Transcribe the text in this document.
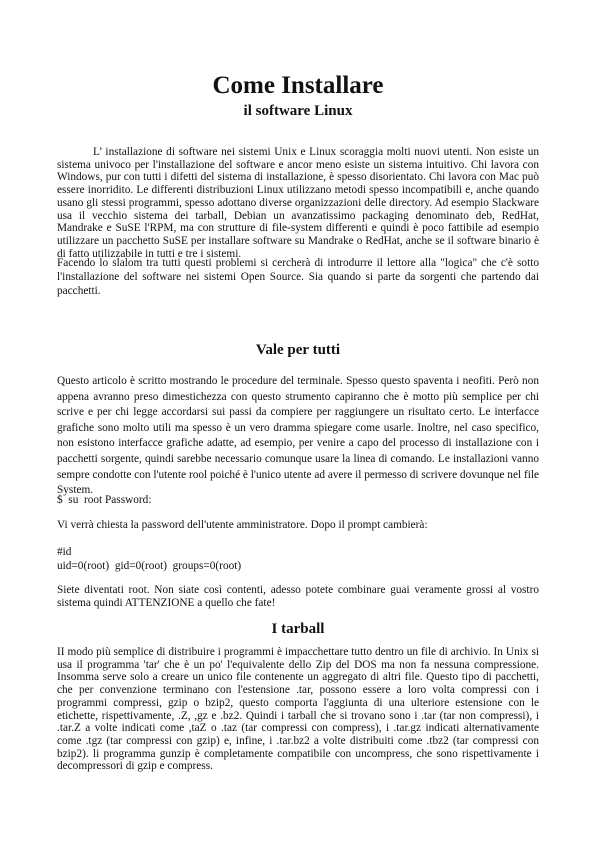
Come Installare
il software Linux

L’ installazione di software nei sistemi Unix e Linux scoraggia molti nuovi utenti. Non esiste un sistema univoco per l'installazione del software e ancor meno esiste un sistema intuitivo. Chi lavora con Windows, pur con tutti i difetti del sistema di installazione, è spesso disorientato. Chi lavora con Mac può essere inorridito. Le differenti distribuzioni Linux utilizzano metodi spesso incompatibili e, anche quando usano gli stessi programmi, spesso adottano diverse organizzazioni delle directory. Ad esempio Slackware usa il vecchio sistema dei tarball, Debian un avanzatissimo packaging denominato deb, RedHat, Mandrake e SuSE l'RPM, ma con strutture di file-system differenti e quindi è poco fattibile ad esempio utilizzare un pacchetto SuSE per installare software su Mandrake o RedHat, anche se il software binario è di fatto utilizzabile in tutti e tre i sistemi.

Facendo lo slalom tra tutti questi problemi si cercherà di introdurre il lettore alla "logica" che c'è sotto l'installazione del software nei sistemi Open Source. Sia quando si parte da sorgenti che partendo dai pacchetti.

Vale per tutti

Questo articolo è scritto mostrando le procedure del terminale. Spesso questo spaventa i neofiti. Però non appena avranno preso dimestichezza con questo strumento capiranno che è motto più semplice per chi scrive e per chi legge accordarsi sui passi da compiere per raggiungere un risultato certo. Le interfacce grafiche sono molto utili ma spesso è un vero dramma spiegare come usarle. Inoltre, nel caso specifico, non esistono interfacce grafiche adatte, ad esempio, per venire a capo del processo di installazione con i pacchetti sorgente, quindi sarebbe necessario comunque usare la linea di comando. Le installazioni vanno sempre condotte con l'utente rool poiché è l'unico utente ad avere il permesso di scrivere dovunque nel file System.

$  su  root Password:

Vi verrà chiesta la password dell'utente amministratore. Dopo il prompt cambierà:

#id
uid=0(root)  gid=0(root)  groups=0(root)

Siete diventati root. Non siate così contenti, adesso potete combinare guai veramente grossi al vostro sistema quindi ATTENZIONE a quello che fate!

I tarball

II modo più semplice di distribuire i programmi è impacchettare tutto dentro un file di archivio. In Unix si usa il programma 'tar' che è un po' l'equivalente dello Zip del DOS ma non fa nessuna compressione. Insomma serve solo a creare un unico file contenente un aggregato di altri file. Questo tipo di pacchetti, che per convenzione terminano con l'estensione .tar, possono essere a loro volta compressi con i programmi compressi, gzip o bzip2, questo comporta l'aggiunta di una ulteriore estensione con le etichette, rispettivamente, .Z, ,gz e .bz2. Quindi i tarball che si trovano sono i .tar (tar non compressi), i .tar.Z a volte indicati come ,taZ o .taz (tar compressi con compress), i .tar.gz indicati alternativamente come .tgz (tar compressi con gzip) e, infine, i .tar.bz2 a volte distribuiti come .tbz2 (tar compressi con bzip2). li programma gunzip è completamente compatibile con uncompress, che sono rispettivamente i decompressori di gzip e compress.
